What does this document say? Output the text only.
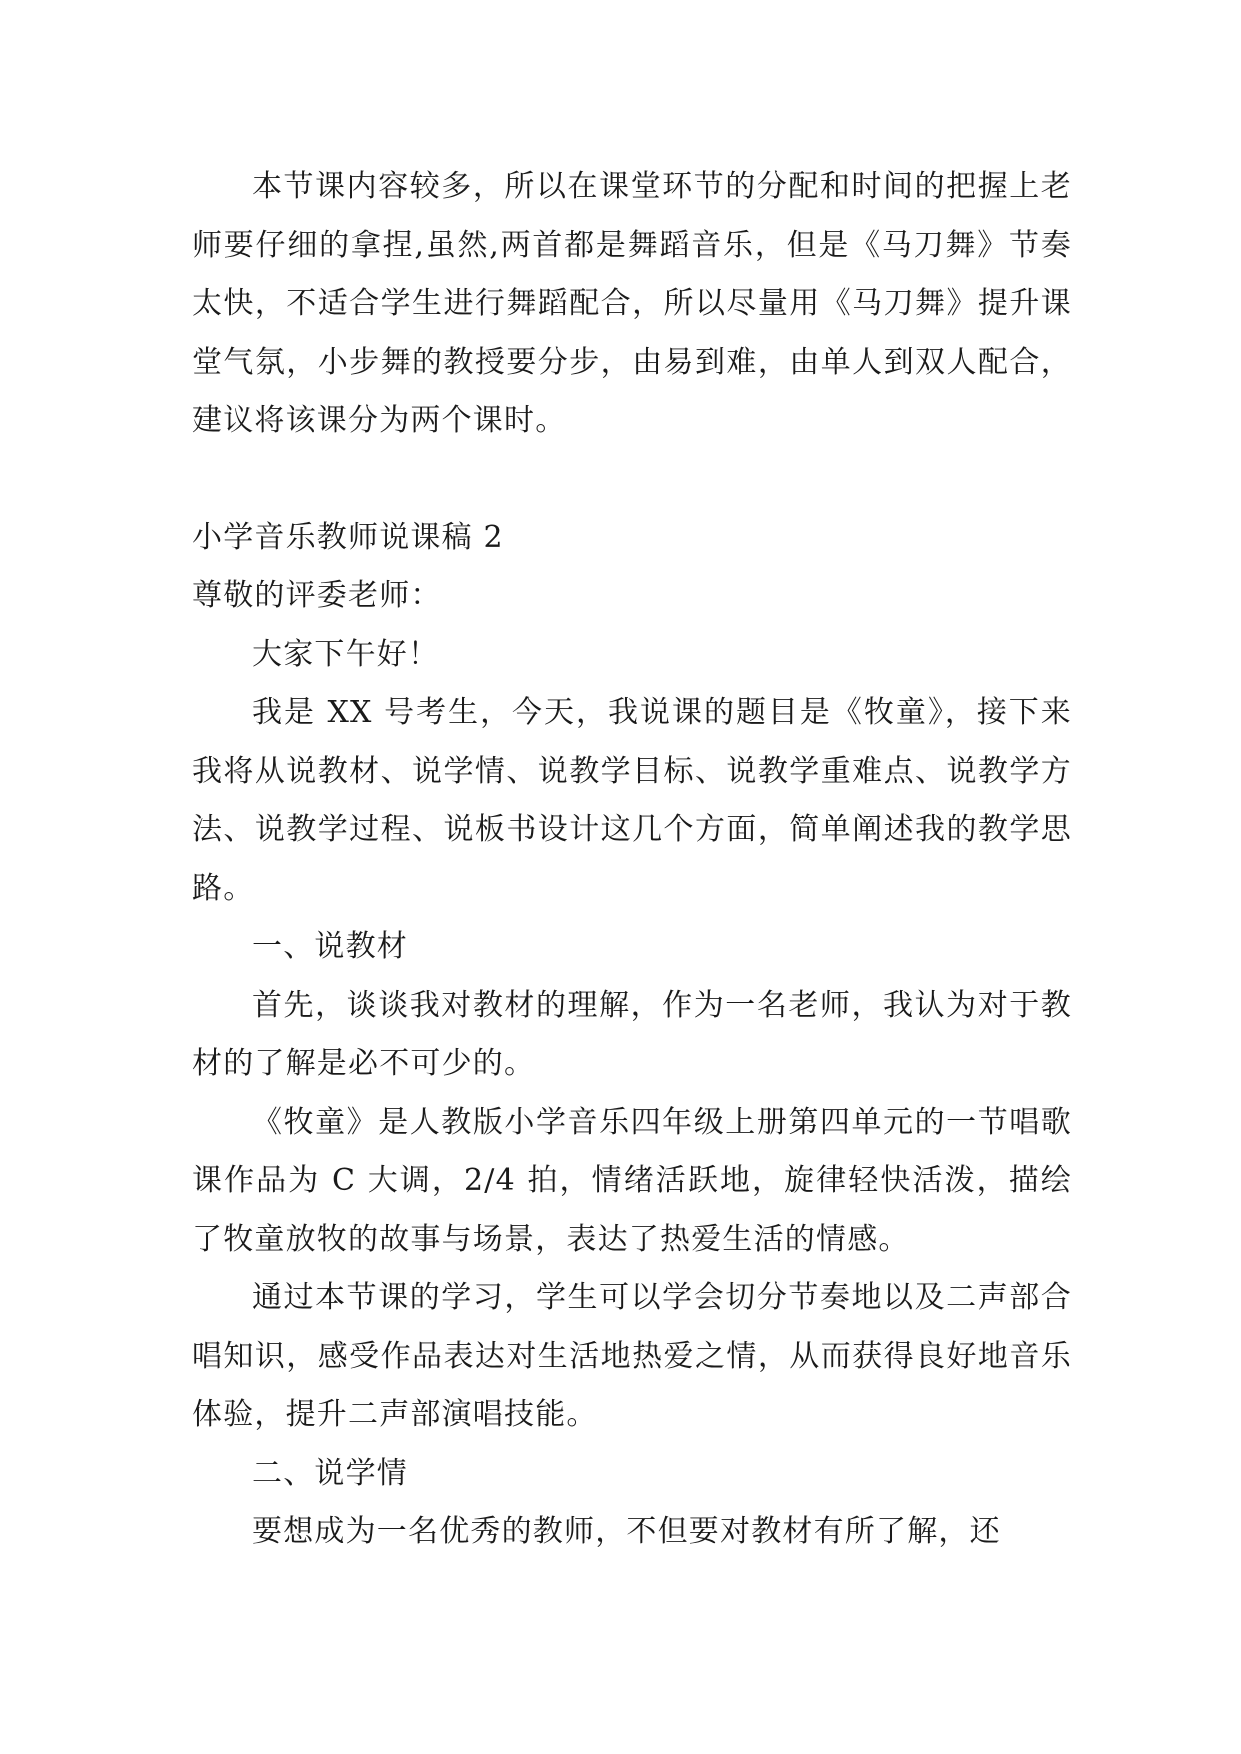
本节课内容较多，所以在课堂环节的分配和时间的把握上老师要仔细的拿捏,虽然,两首都是舞蹈音乐，但是《马刀舞》节奏太快，不适合学生进行舞蹈配合，所以尽量用《马刀舞》提升课堂气氛，小步舞的教授要分步，由易到难，由单人到双人配合，建议将该课分为两个课时。

小学音乐教师说课稿 2

尊敬的评委老师：

大家下午好！

我是 XX 号考生，今天，我说课的题目是《牧童》，接下来我将从说教材、说学情、说教学目标、说教学重难点、说教学方法、说教学过程、说板书设计这几个方面，简单阐述我的教学思路。

一、说教材

首先，谈谈我对教材的理解，作为一名老师，我认为对于教材的了解是必不可少的。

《牧童》是人教版小学音乐四年级上册第四单元的一节唱歌课作品为 C 大调，2/4 拍，情绪活跃地，旋律轻快活泼，描绘了牧童放牧的故事与场景，表达了热爱生活的情感。

通过本节课的学习，学生可以学会切分节奏地以及二声部合唱知识，感受作品表达对生活地热爱之情，从而获得良好地音乐体验，提升二声部演唱技能。

二、说学情

要想成为一名优秀的教师，不但要对教材有所了解，还
